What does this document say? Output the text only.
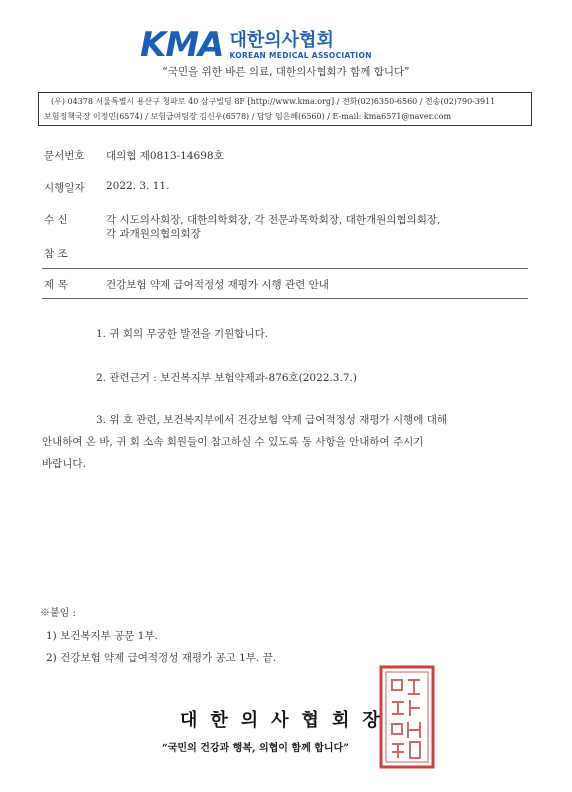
KMA 대한의사협회
KOREAN MEDICAL ASSOCIATION
“국민을 위한 바른 의료, 대한의사협회가 함께 합니다”
(우) 04378 서울특별시 용산구 청파로 40 삼구빌딩 8F [http://www.kma.org] / 전화(02)6350-6560 / 전송(02)790-3911
보험정책국장 이정민(6574) / 보험급여팀장 김신우(6578) / 담당 임은혜(6560) / E-mail: kma6571@naver.com
문서번호 대의협 제0813-14698호
시행일자 2022. 3. 11.
수 신	각 시도의사회장, 대한의학회장, 각 전문과목학회장, 대한개원의협의회장,
각 과개원의협의회장
참 조
제 목	건강보험 약제 급여적정성 재평가 시행 관련 안내
1. 귀 회의 무궁한 발전을 기원합니다.
2. 관련근거 : 보건복지부 보험약제과-876호(2022.3.7.)
3. 위 호 관련, 보건복지부에서 건강보험 약제 급여적정성 재평가 시행에 대해
안내하여 온 바, 귀 회 소속 회원들이 참고하실 수 있도록 동 사항을 안내하여 주시기
바랍니다.
※붙임 :
1) 보건복지부 공문 1부.
2) 건강보험 약제 급여적정성 재평가 공고 1부. 끝.
대한의사협회장
“국민의 건강과 행복, 의협이 함께 합니다”
